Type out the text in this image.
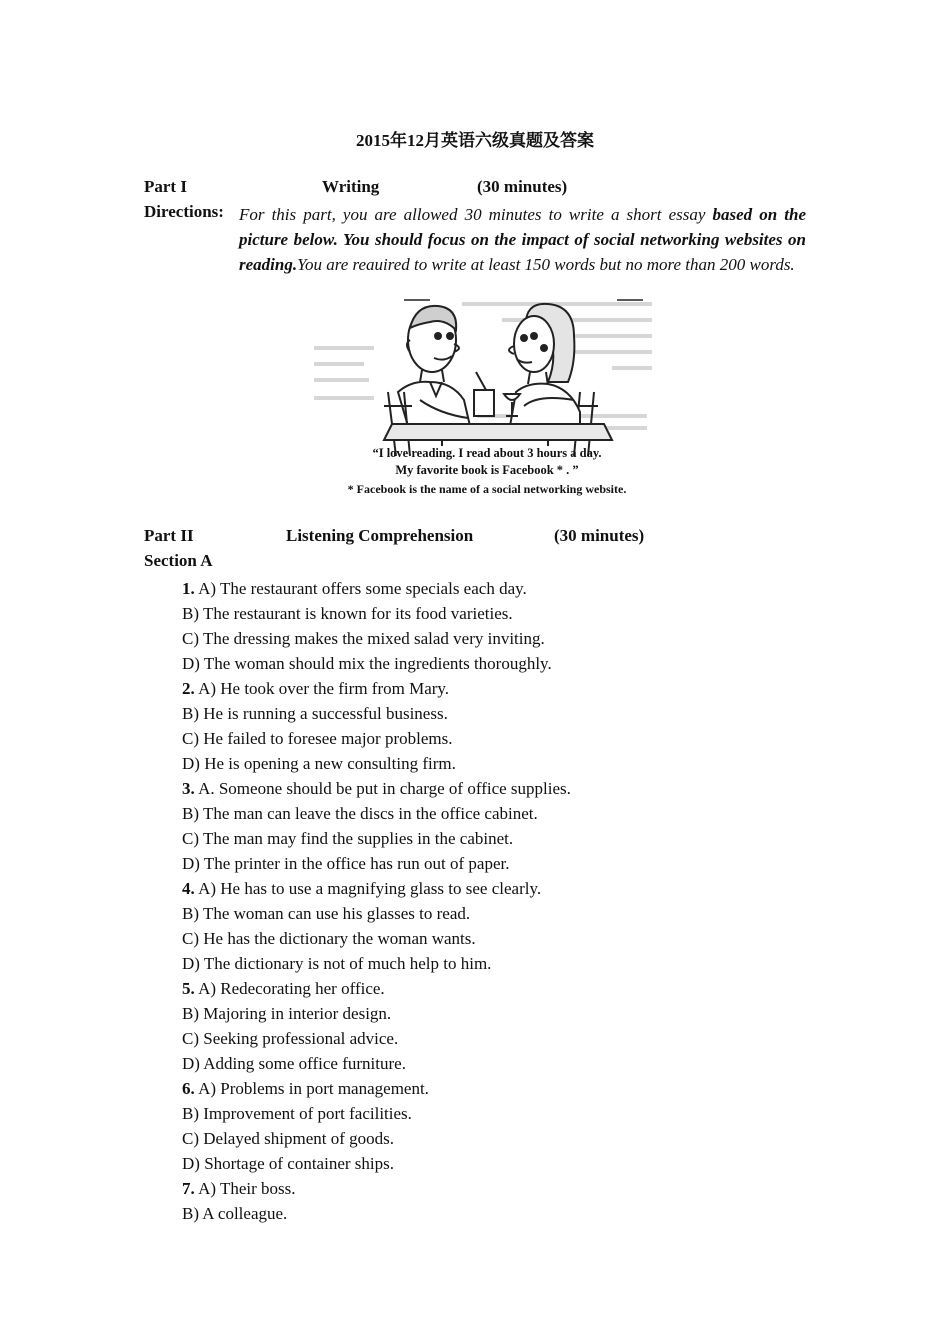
2015年12月英语六级真题及答案
Part I	Writing	(30 minutes)
Directions: For this part, you are allowed 30 minutes to write a short essay based on the picture below. You should focus on the impact of social networking websites on reading.You are reauired to write at least 150 words but no more than 200 words.
“I love reading. I read about 3 hours a day.
My favorite book is Facebook * . ”
* Facebook is the name of a social networking website.
Part II	Listening Comprehension	(30 minutes)
Section A
1. A) The restaurant offers some specials each day.
B) The restaurant is known for its food varieties.
C) The dressing makes the mixed salad very inviting.
D) The woman should mix the ingredients thoroughly.
2. A) He took over the firm from Mary.
B) He is running a successful business.
C) He failed to foresee major problems.
D) He is opening a new consulting firm.
3. A. Someone should be put in charge of office supplies.
B) The man can leave the discs in the office cabinet.
C) The man may find the supplies in the cabinet.
D) The printer in the office has run out of paper.
4. A) He has to use a magnifying glass to see clearly.
B) The woman can use his glasses to read.
C) He has the dictionary the woman wants.
D) The dictionary is not of much help to him.
5. A) Redecorating her office.
B) Majoring in interior design.
C) Seeking professional advice.
D) Adding some office furniture.
6. A) Problems in port management.
B) Improvement of port facilities.
C) Delayed shipment of goods.
D) Shortage of container ships.
7. A) Their boss.
B) A colleague.
